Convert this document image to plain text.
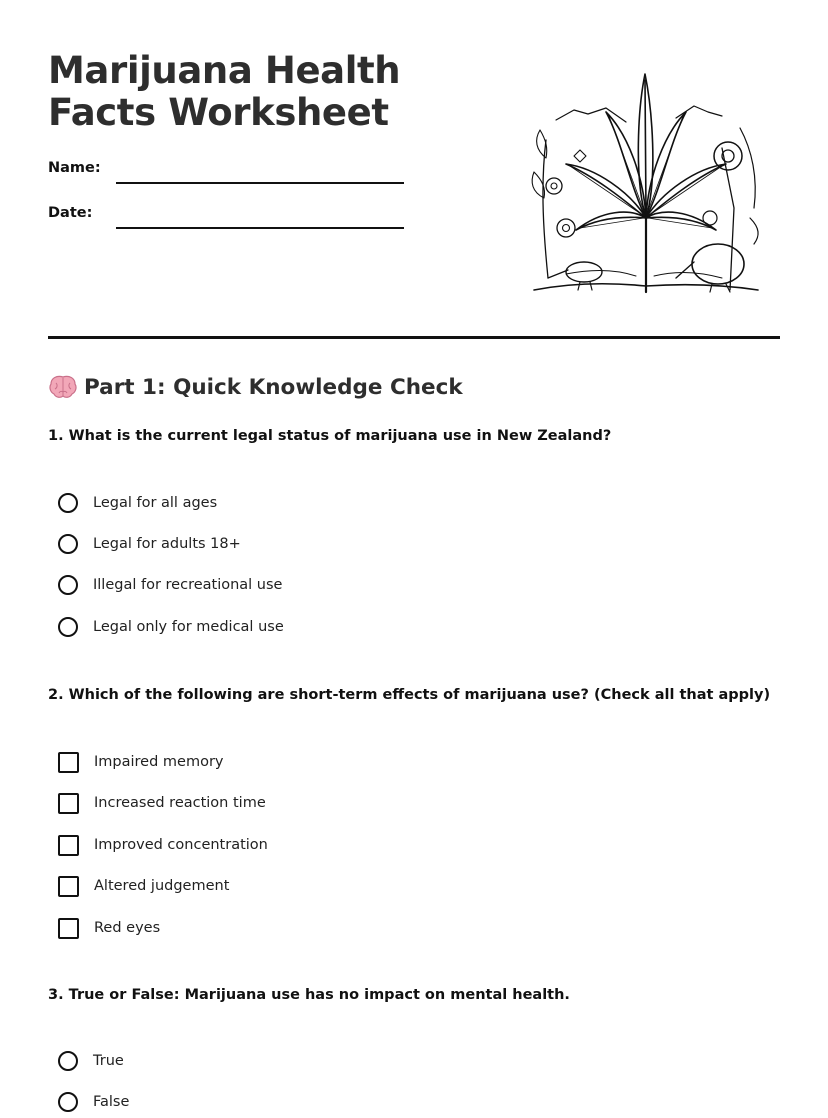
Marijuana Health Facts Worksheet
Name:
Date:
Part 1: Quick Knowledge Check

1. What is the current legal status of marijuana use in New Zealand?

Legal for all ages
Legal for adults 18+
Illegal for recreational use
Legal only for medical use

2. Which of the following are short-term effects of marijuana use? (Check all that apply)

Impaired memory
Increased reaction time
Improved concentration
Altered judgement
Red eyes

3. True or False: Marijuana use has no impact on mental health.

True
False
